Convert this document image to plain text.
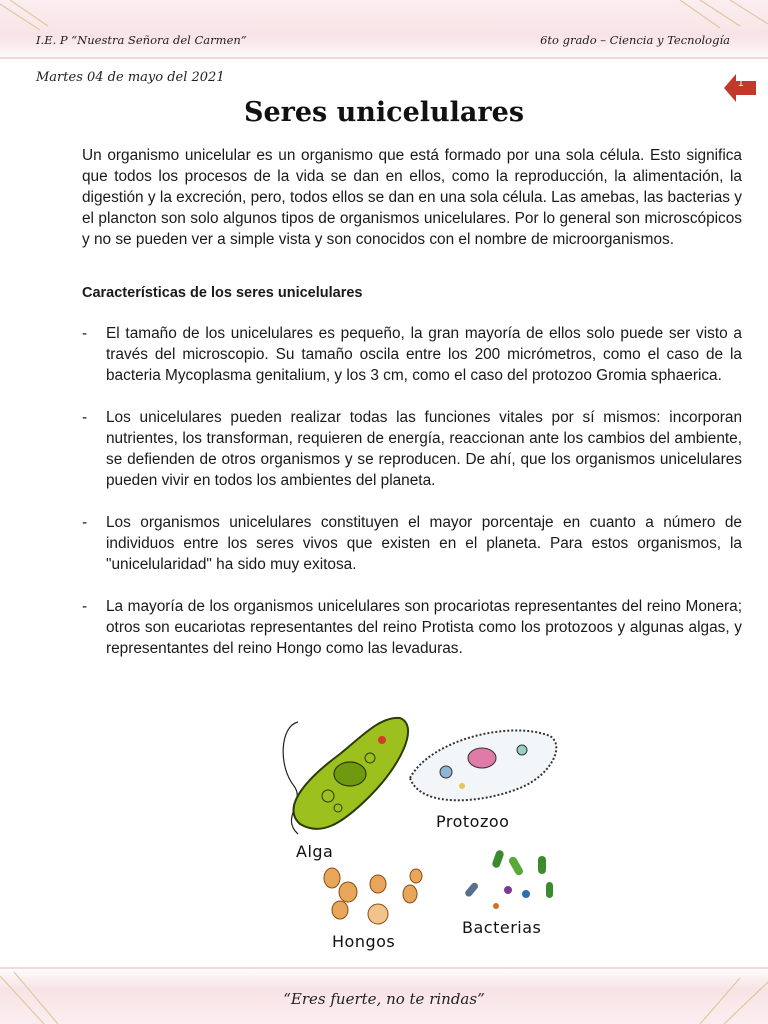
I.E. P “Nuestra Señora del Carmen”	6to grado – Ciencia y Tecnología
Martes 04 de mayo del 2021	1
Seres unicelulares

Un organismo unicelular es un organismo que está formado por una sola célula. Esto significa que todos los procesos de la vida se dan en ellos, como la reproducción, la alimentación, la digestión y la excreción, pero, todos ellos se dan en una sola célula. Las amebas, las bacterias y el plancton son solo algunos tipos de organismos unicelulares. Por lo general son microscópicos y no se pueden ver a simple vista y son conocidos con el nombre de microorganismos.

Características de los seres unicelulares

- El tamaño de los unicelulares es pequeño, la gran mayoría de ellos solo puede ser visto a través del microscopio. Su tamaño oscila entre los 200 micrómetros, como el caso de la bacteria Mycoplasma genitalium, y los 3 cm, como el caso del protozoo Gromia sphaerica.
- Los unicelulares pueden realizar todas las funciones vitales por sí mismos: incorporan nutrientes, los transforman, requieren de energía, reaccionan ante los cambios del ambiente, se defienden de otros organismos y se reproducen. De ahí, que los organismos unicelulares pueden vivir en todos los ambientes del planeta.
- Los organismos unicelulares constituyen el mayor porcentaje en cuanto a número de individuos entre los seres vivos que existen en el planeta. Para estos organismos, la "unicelularidad" ha sido muy exitosa.
- La mayoría de los organismos unicelulares son procariotas representantes del reino Monera; otros son eucariotas representantes del reino Protista como los protozoos y algunas algas, y representantes del reino Hongo como las levaduras.
Alga
Protozoo
Hongos
Bacterias
“Eres fuerte, no te rindas”
